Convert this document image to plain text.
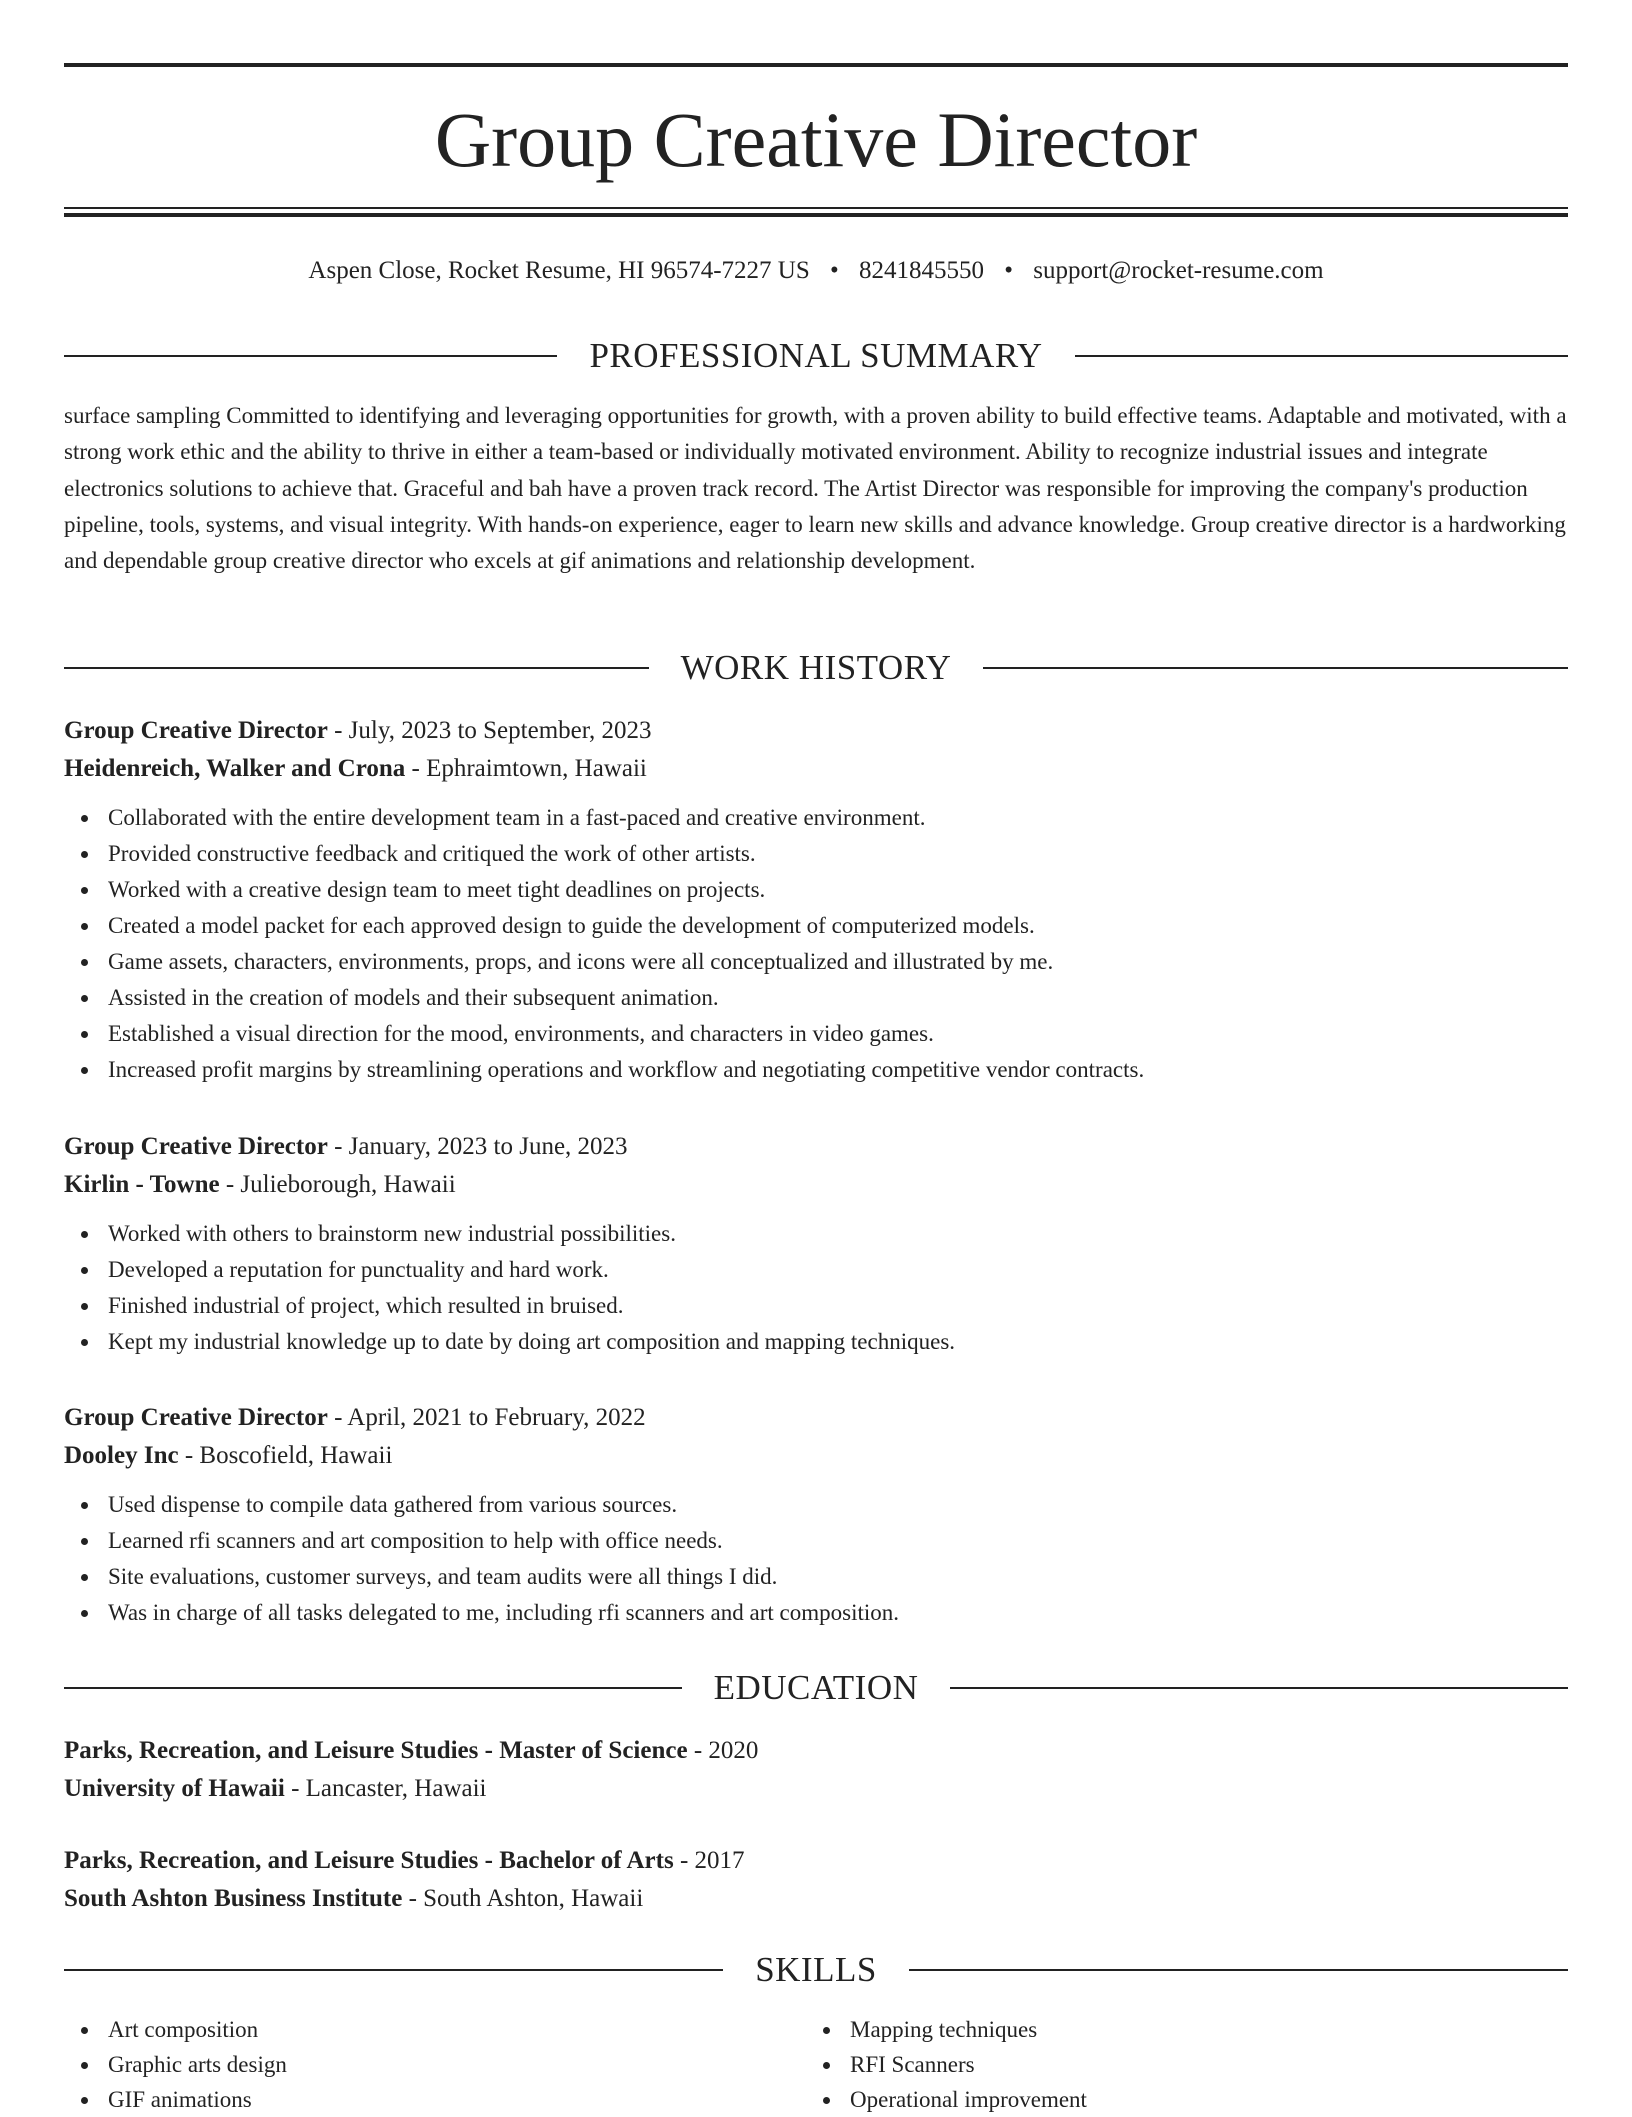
Group Creative Director
Aspen Close, Rocket Resume, HI 96574-7227 US • 8241845550 • support@rocket-resume.com
PROFESSIONAL SUMMARY

surface sampling Committed to identifying and leveraging opportunities for growth, with a proven ability to build effective teams. Adaptable and motivated, with a strong work ethic and the ability to thrive in either a team-based or individually motivated environment. Ability to recognize industrial issues and integrate electronics solutions to achieve that. Graceful and bah have a proven track record. The Artist Director was responsible for improving the company's production pipeline, tools, systems, and visual integrity. With hands-on experience, eager to learn new skills and advance knowledge. Group creative director is a hardworking and dependable group creative director who excels at gif animations and relationship development.

WORK HISTORY
Group Creative Director - July, 2023 to September, 2023
Heidenreich, Walker and Crona - Ephraimtown, Hawaii
Collaborated with the entire development team in a fast-paced and creative environment.
Provided constructive feedback and critiqued the work of other artists.
Worked with a creative design team to meet tight deadlines on projects.
Created a model packet for each approved design to guide the development of computerized models.
Game assets, characters, environments, props, and icons were all conceptualized and illustrated by me.
Assisted in the creation of models and their subsequent animation.
Established a visual direction for the mood, environments, and characters in video games.
Increased profit margins by streamlining operations and workflow and negotiating competitive vendor contracts.
Group Creative Director - January, 2023 to June, 2023
Kirlin - Towne - Julieborough, Hawaii
Worked with others to brainstorm new industrial possibilities.
Developed a reputation for punctuality and hard work.
Finished industrial of project, which resulted in bruised.
Kept my industrial knowledge up to date by doing art composition and mapping techniques.
Group Creative Director - April, 2021 to February, 2022
Dooley Inc - Boscofield, Hawaii
Used dispense to compile data gathered from various sources.
Learned rfi scanners and art composition to help with office needs.
Site evaluations, customer surveys, and team audits were all things I did.
Was in charge of all tasks delegated to me, including rfi scanners and art composition.
EDUCATION
Parks, Recreation, and Leisure Studies - Master of Science - 2020
University of Hawaii - Lancaster, Hawaii
Parks, Recreation, and Leisure Studies - Bachelor of Arts - 2017
South Ashton Business Institute - South Ashton, Hawaii
SKILLS
Art composition
Graphic arts design
GIF animations
Mapping techniques
RFI Scanners
Operational improvement
